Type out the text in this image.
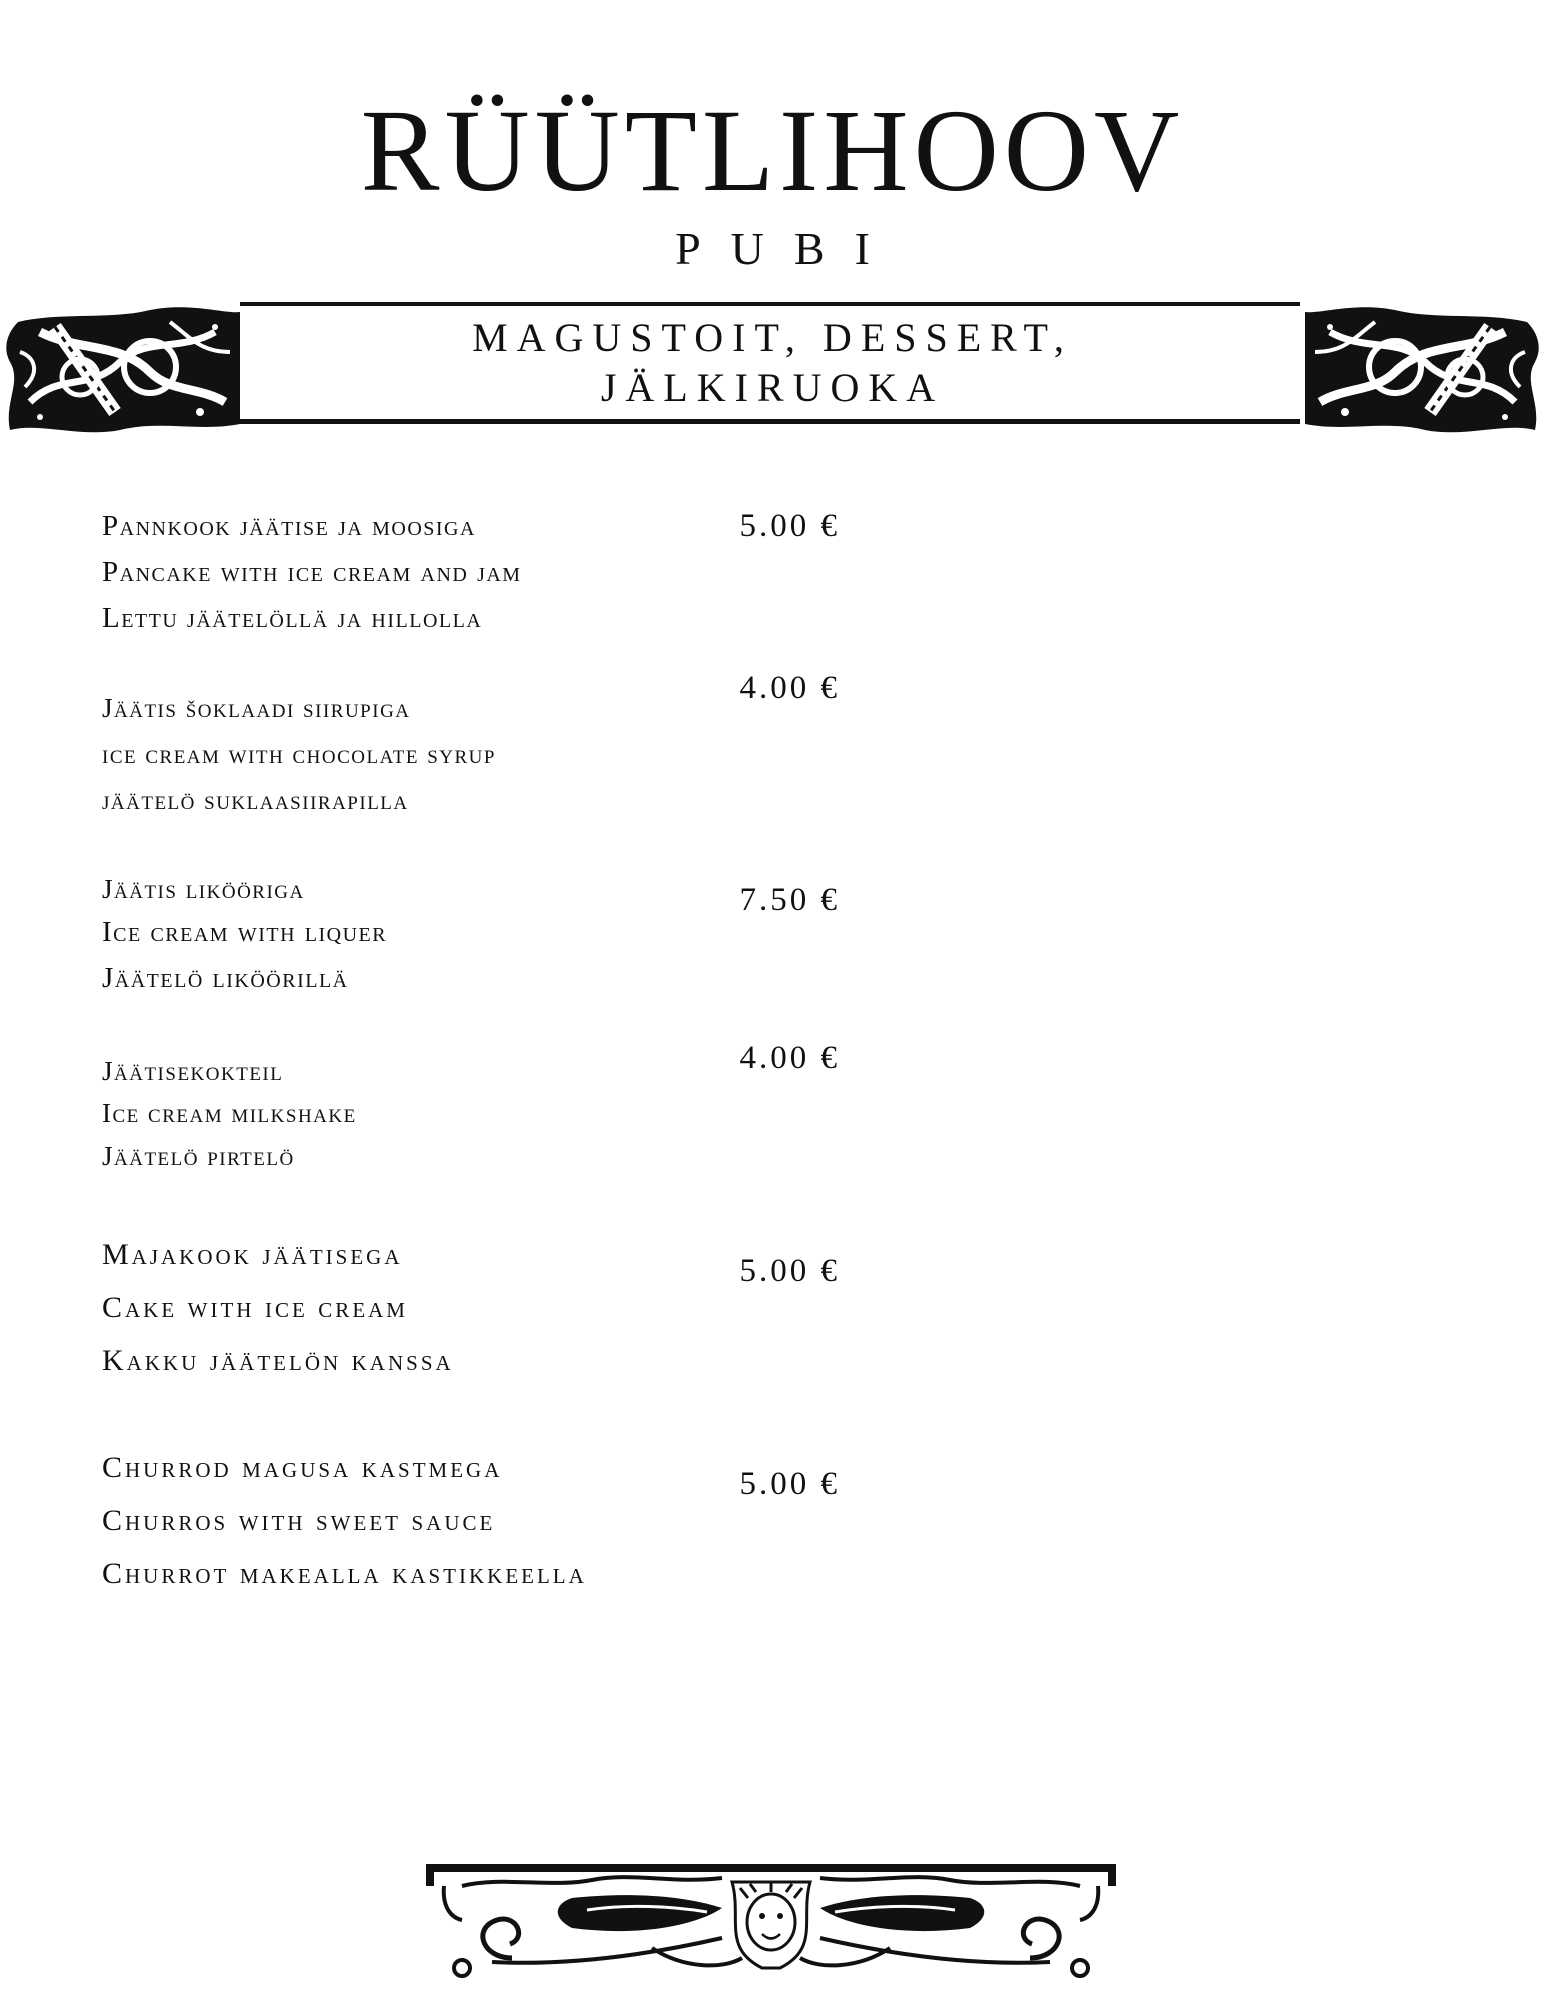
RÜÜTLIHOOV
PUBI
MAGUSTOIT, DESSERT,
JÄLKIRUOKA
Pannkook jäätise ja moosiga
Pancake with ice cream and jam
Lettu jäätelöllä ja hillolla
5.00 €
Jäätis šoklaadi siirupiga
ice cream with chocolate syrup
jäätelö suklaasiirapilla
4.00 €
Jäätis likööriga
Ice cream with liquer
Jäätelö liköörillä
7.50 €
Jäätisekokteil
Ice cream milkshake
Jäätelö pirtelö
4.00 €
Majakook jäätisega
Cake with ice cream
Kakku jäätelön kanssa
5.00 €
Churrod magusa kastmega
Churros with sweet sauce
Churrot makealla kastikkeella
5.00 €
